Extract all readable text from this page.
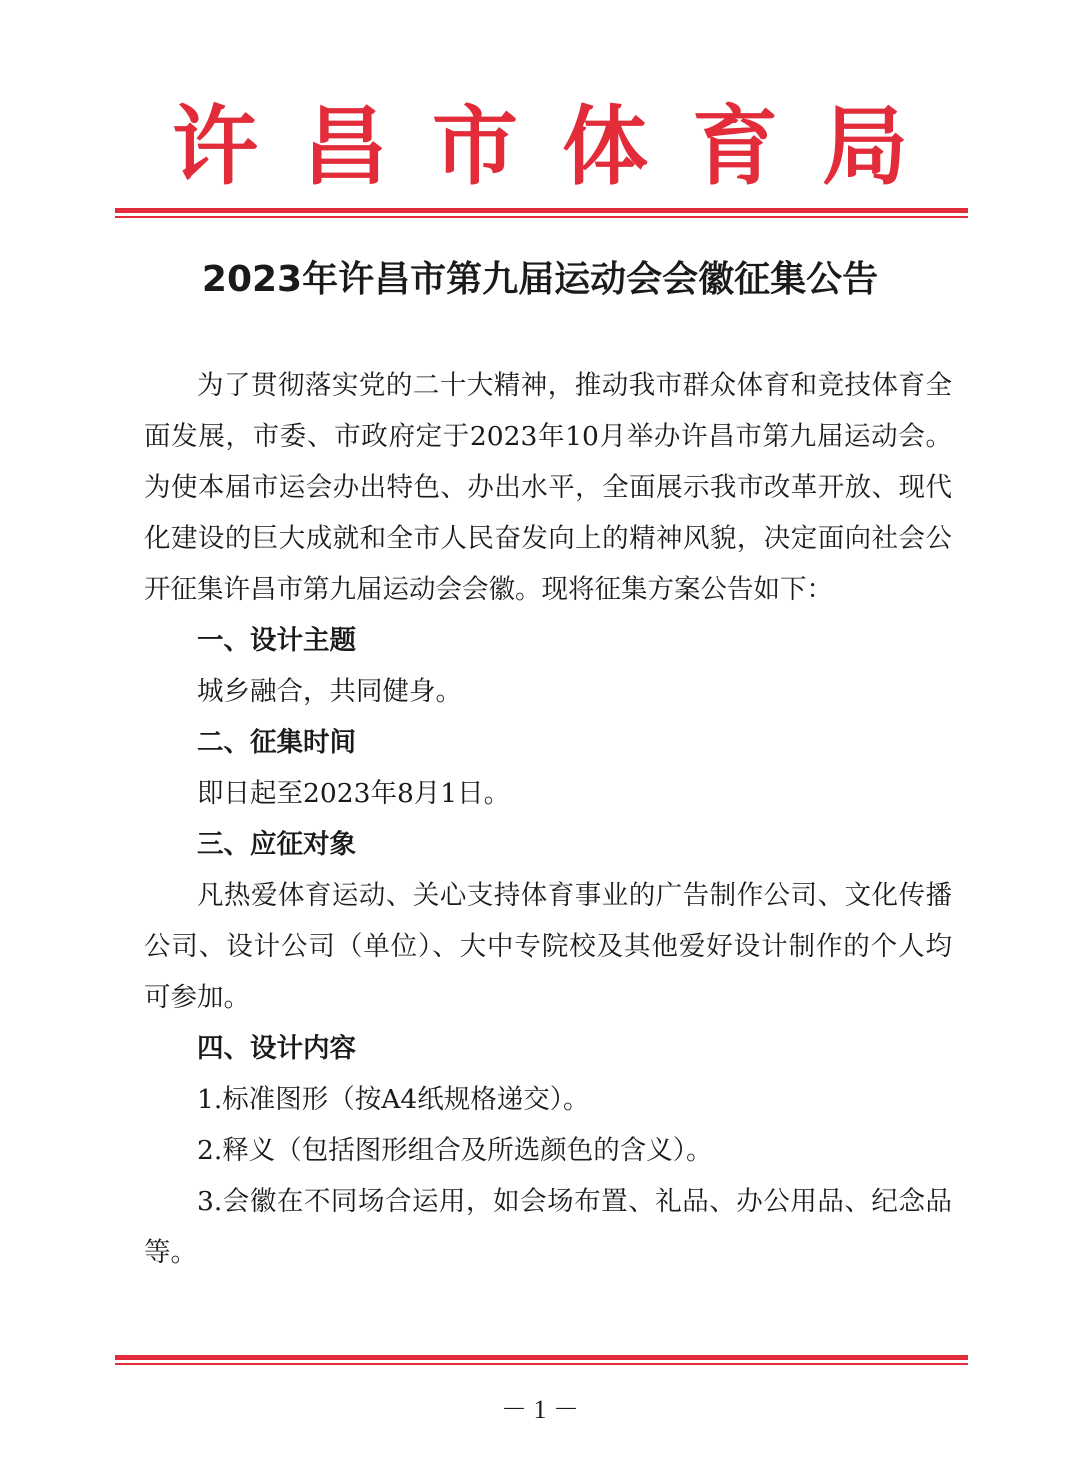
许昌市体育局
2023年许昌市第九届运动会会徽征集公告

为了贯彻落实党的二十大精神，推动我市群众体育和竞技体育全面发展，市委、市政府定于2023年10月举办许昌市第九届运动会。为使本届市运会办出特色、办出水平，全面展示我市改革开放、现代化建设的巨大成就和全市人民奋发向上的精神风貌，决定面向社会公开征集许昌市第九届运动会会徽。现将征集方案公告如下：

一、设计主题

城乡融合，共同健身。

二、征集时间

即日起至2023年8月1日。

三、应征对象

凡热爱体育运动、关心支持体育事业的广告制作公司、文化传播公司、设计公司（单位）、大中专院校及其他爱好设计制作的个人均可参加。

四、设计内容

1.标准图形（按A4纸规格递交）。

2.释义（包括图形组合及所选颜色的含义）。

3.会徽在不同场合运用，如会场布置、礼品、办公用品、纪念品等。

－ 1 －
